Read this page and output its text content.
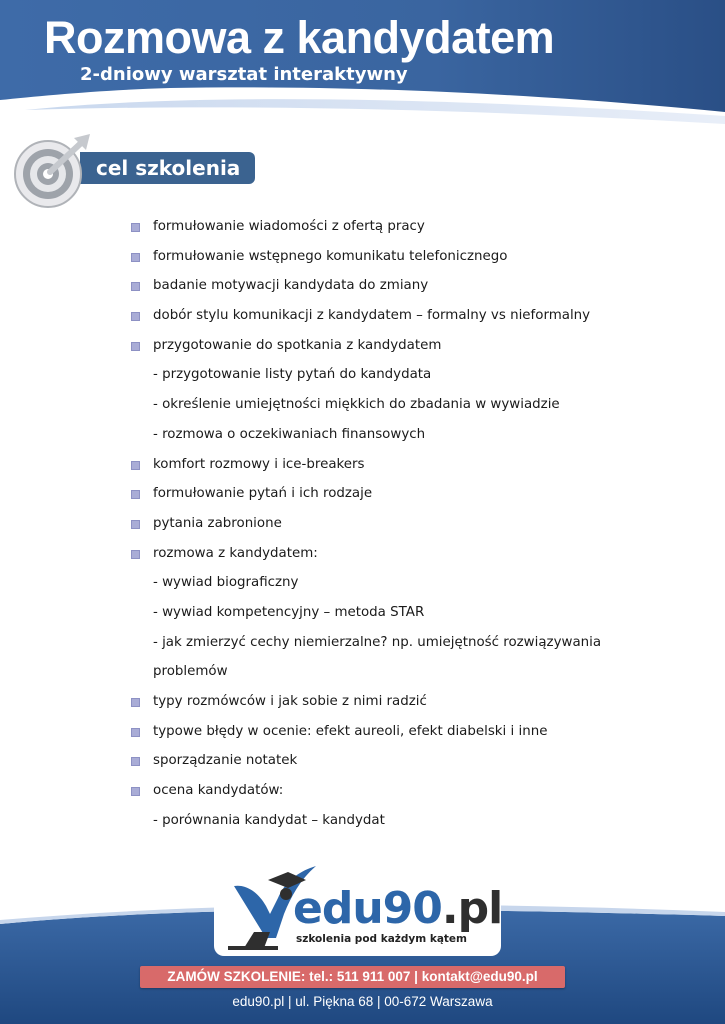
Rozmowa z kandydatem
2-dniowy warsztat interaktywny
cel szkolenia
formułowanie wiadomości z ofertą pracy
formułowanie wstępnego komunikatu telefonicznego
badanie motywacji kandydata do zmiany
dobór stylu komunikacji z kandydatem – formalny vs nieformalny
przygotowanie do spotkania z kandydatem
- przygotowanie listy pytań do kandydata
- określenie umiejętności miękkich do zbadania w wywiadzie
- rozmowa o oczekiwaniach finansowych
komfort rozmowy i ice-breakers
formułowanie pytań i ich rodzaje
pytania zabronione
rozmowa z kandydatem:
- wywiad biograficzny
- wywiad kompetencyjny – metoda STAR
- jak zmierzyć cechy niemierzalne? np. umiejętność rozwiązywania
problemów
typy rozmówców i jak sobie z nimi radzić
typowe błędy w ocenie: efekt aureoli, efekt diabelski i inne
sporządzanie notatek
ocena kandydatów:
- porównania kandydat – kandydat
edu90.pl
szkolenia pod każdym kątem
ZAMÓW SZKOLENIE: tel.: 511 911 007 | kontakt@edu90.pl
edu90.pl | ul. Piękna 68 | 00-672 Warszawa
